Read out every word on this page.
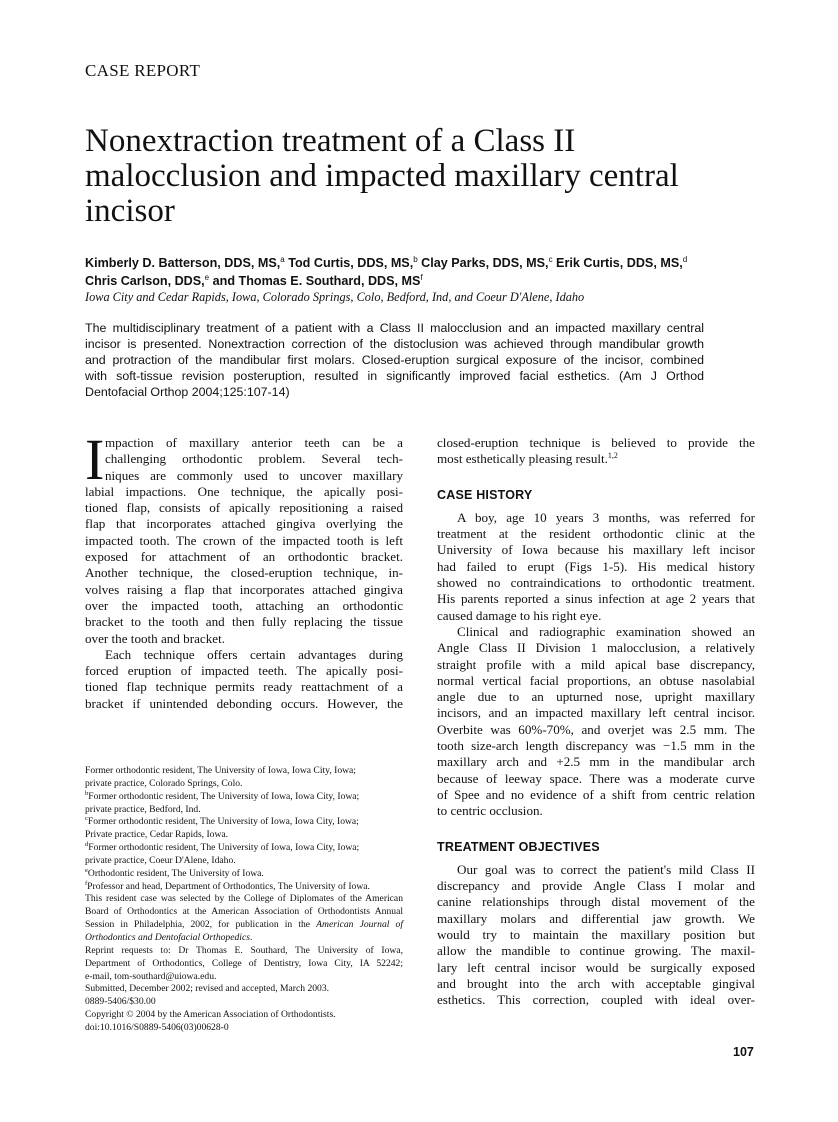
CASE REPORT
Nonextraction treatment of a Class II
malocclusion and impacted maxillary central
incisor
Kimberly D. Batterson, DDS, MS,$^a$ Tod Curtis, DDS, MS,$^b$ Clay Parks, DDS, MS,$^c$ Erik Curtis, DDS, MS,$^d$
Chris Carlson, DDS,$^e$ and Thomas E. Southard, DDS, $MS^f$
Iowa City and Cedar Rapids, Iowa, Colorado Springs, Colo, Bedford, Ind, and Coeur D'Alene, Idaho
The multidisciplinary treatment of a patient with a Class II malocclusion and an impacted maxillary central
incisor is presented. Nonextraction correction of the distoclusion was achieved through mandibular growth
and protraction of the mandibular first molars. Closed-eruption surgical exposure of the incisor, combined
with soft-tissue revision posteruption, resulted in significantly improved facial esthetics. (Am J Orthod
Dentofacial Orthop 2004;125:107-14)
I mpaction of maxillary anterior teeth can be a
challenging orthodontic problem. Several tech-
niques are commonly used to uncover maxillary
labial impactions. One technique, the apically posi-
tioned flap, consists of apically repositioning a raised
flap that incorporates attached gingiva overlying the
impacted tooth. The crown of the impacted tooth is left
exposed for attachment of an orthodontic bracket.
Another technique, the closed-eruption technique, in-
volves raising a flap that incorporates attached gingiva
over the impacted tooth, attaching an orthodontic
bracket to the tooth and then fully replacing the tissue
over the tooth and bracket.
Each technique offers certain advantages during
forced eruption of impacted teeth. The apically posi-
tioned flap technique permits ready reattachment of a
bracket if unintended debonding occurs. However, the
closed-eruption technique is believed to provide the
most esthetically pleasing result.$^{1,2}$
CASE HISTORY
A boy, age 10 years 3 months, was referred for
treatment at the resident orthodontic clinic at the
University of Iowa because his maxillary left incisor
had failed to erupt (Figs 1-5). His medical history
showed no contraindications to orthodontic treatment.
His parents reported a sinus infection at age 2 years that
caused damage to his right eye.
Clinical and radiographic examination showed an
Angle Class II Division 1 malocclusion, a relatively
straight profile with a mild apical base discrepancy,
normal vertical facial proportions, an obtuse nasolabial
angle due to an upturned nose, upright maxillary
incisors, and an impacted maxillary left central incisor.
Overbite was 60%-70%, and overjet was 2.5 mm. The
tooth size-arch length discrepancy was −1.5 mm in the
maxillary arch and +2.5 mm in the mandibular arch
because of leeway space. There was a moderate curve
of Spee and no evidence of a shift from centric relation
to centric occlusion.
TREATMENT OBJECTIVES
Our goal was to correct the patient's mild Class II
discrepancy and provide Angle Class I molar and
canine relationships through distal movement of the
maxillary molars and differential jaw growth. We
would try to maintain the maxillary position but
allow the mandible to continue growing. The maxil-
lary left central incisor would be surgically exposed
and brought into the arch with acceptable gingival
esthetics. This correction, coupled with ideal over-
Former orthodontic resident, The University of Iowa, Iowa City, Iowa;
private practice, Colorado Springs, Colo.
$^b$Former orthodontic resident, The University of Iowa, Iowa City, Iowa;
private practice, Bedford, Ind.
$^c$Former orthodontic resident, The University of Iowa, Iowa City, Iowa;
Private practice, Cedar Rapids, Iowa.
$^d$Former orthodontic resident, The University of Iowa, Iowa City, Iowa;
private practice, Coeur D'Alene, Idaho.
$^e$Orthodontic resident, The University of Iowa.
$^f$Professor and head, Department of Orthodontics, The University of Iowa.
This resident case was selected by the College of Diplomates of the American
Board of Orthodontics at the American Association of Orthodontists Annual
Session in Philadelphia, 2002, for publication in the American Journal of
Orthodontics and Dentofacial Orthopedics.
Reprint requests to: Dr Thomas E. Southard, The University of Iowa,
Department of Orthodontics, College of Dentistry, Iowa City, IA 52242;
e-mail, tom-southard@uiowa.edu.
Submitted, December 2002; revised and accepted, March 2003.
0889-5406/$30.00
Copyright © 2004 by the American Association of Orthodontists.
doi:10.1016/S0889-5406(03)00628-0
107
